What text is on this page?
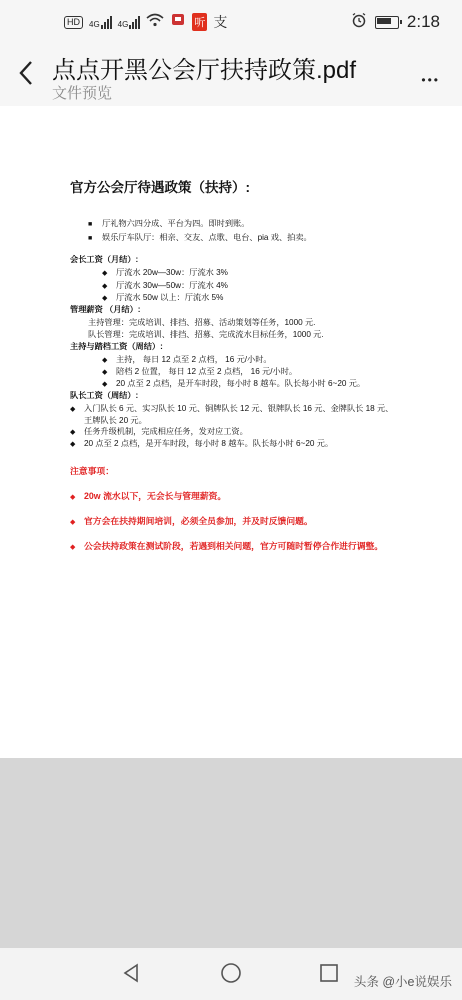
HD	4G 4G	听 支	2:18
点点开黑公会厅扶持政策.pdf
文件预览
•••
官方公会厅待遇政策（扶持）:
注意事项：
■ 厅礼物六四分成、平台为四。即时到账。
■ 娱乐厅车队厅：相亲、交友、点歌、电台、pia 戏、拍卖。
会长工资（月结）:
◆ 厅流水 20w—30w：厅流水 3%
◆ 厅流水 30w—50w：厅流水 4%
◆ 厅流水 50w 以上：厅流水 5%
管理薪资 （月结）:
主持管理：完成培训、排挡、招募、活动策划等任务，1000 元.
队长管理：完成培训、排挡、招募、完成流水目标任务，1000 元.
主持与踏档工资（周结）:
◆ 主持， 每日 12 点至 2 点档， 16 元/小时。
◆ 陪档 2 位置， 每日 12 点至 2 点档， 16 元/小时。
◆ 20 点至 2 点档，是开车时段，每小时 8 越车。队长每小时 6~20 元。
队长工资（周结）:
◆ 入门队长 6 元、实习队长 10 元、铜牌队长 12 元、银牌队长 16 元、金牌队长 18 元、
王牌队长 20 元。
◆ 任务升级机制，完成相应任务，发对应工资。
◆ 20 点至 2 点档，是开车时段，每小时 8 越车。队长每小时 6~20 元。
◆ 20w 流水以下，无会长与管理薪资。
◆ 官方会在扶持期间培训，必须全员参加，并及时反馈问题。
◆ 公会扶持政策在测试阶段，若遇到相关问题，官方可随时暂停合作进行调整。
头条 @小e说娱乐
